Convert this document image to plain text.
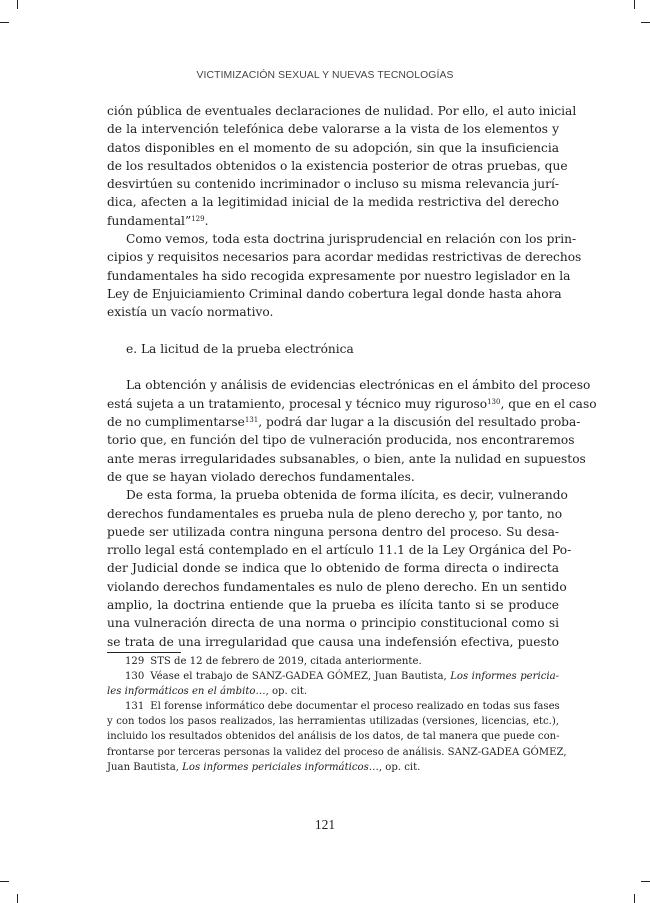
VICTIMIZACIÓN SEXUAL Y NUEVAS TECNOLOGÍAS
ción pública de eventuales declaraciones de nulidad. Por ello, el auto inicial
de la intervención telefónica debe valorarse a la vista de los elementos y
datos disponibles en el momento de su adopción, sin que la insuficiencia
de los resultados obtenidos o la existencia posterior de otras pruebas, que
desvirtúen su contenido incriminador o incluso su misma relevancia jurí-
dica, afecten a la legitimidad inicial de la medida restrictiva del derecho
fundamental”$^{129}$.
Como vemos, toda esta doctrina jurisprudencial en relación con los prin-
cipios y requisitos necesarios para acordar medidas restrictivas de derechos
fundamentales ha sido recogida expresamente por nuestro legislador en la
Ley de Enjuiciamiento Criminal dando cobertura legal donde hasta ahora
existía un vacío normativo.
e. La licitud de la prueba electrónica
La obtención y análisis de evidencias electrónicas en el ámbito del proceso
está sujeta a un tratamiento, procesal y técnico muy riguroso$^{130}$, que en el caso
de no cumplimentarse$^{131}$, podrá dar lugar a la discusión del resultado proba-
torio que, en función del tipo de vulneración producida, nos encontraremos
ante meras irregularidades subsanables, o bien, ante la nulidad en supuestos
de que se hayan violado derechos fundamentales.
De esta forma, la prueba obtenida de forma ilícita, es decir, vulnerando
derechos fundamentales es prueba nula de pleno derecho y, por tanto, no
puede ser utilizada contra ninguna persona dentro del proceso. Su desa-
rrollo legal está contemplado en el artículo 11.1 de la Ley Orgánica del Po-
der Judicial donde se indica que lo obtenido de forma directa o indirecta
violando derechos fundamentales es nulo de pleno derecho. En un sentido
amplio, la doctrina entiende que la prueba es ilícita tanto si se produce
una vulneración directa de una norma o principio constitucional como si
se trata de una irregularidad que causa una indefensión efectiva, puesto
129 STS de 12 de febrero de 2019, citada anteriormente.
130 Véase el trabajo de SANZ-GADEA GÓMEZ, Juan Bautista, Los informes pericia-
les informáticos en el ámbito…, op. cit.
131 El forense informático debe documentar el proceso realizado en todas sus fases
y con todos los pasos realizados, las herramientas utilizadas (versiones, licencias, etc.),
incluido los resultados obtenidos del análisis de los datos, de tal manera que puede con-
frontarse por terceras personas la validez del proceso de análisis. SANZ-GADEA GÓMEZ,
Juan Bautista, Los informes periciales informáticos…, op. cit.
121
